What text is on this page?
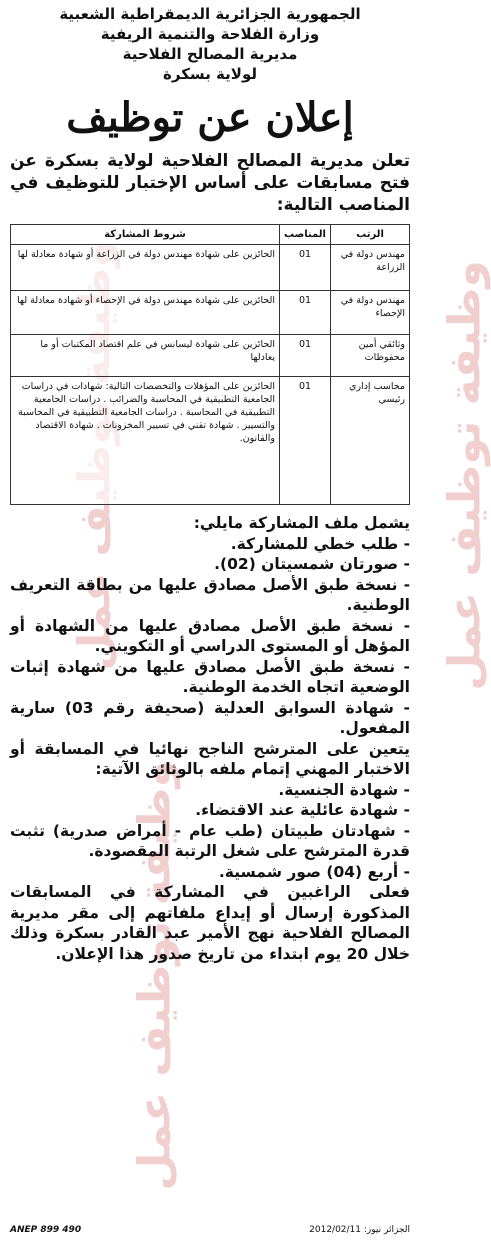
وظيفة توظيف عمل
وظيفة توظيف عمل
الجمهورية الجزائرية الديمقراطية الشعبية
وزارة الفلاحة والتنمية الريفية
مديرية المصالح الفلاحية
لولاية بسكرة
إعلان عن توظيف
تعلن مديرية المصالح الفلاحية لولاية بسكرة عن فتح مسابقات على أساس الإختبار للتوظيف في المناصب التالية:
الرتب	المناصب	شروط المشاركة
مهندس دولة في الزراعة	01	الحائزين على شهادة مهندس دولة في الزراعة أو شهادة معادلة لها
مهندس دولة في الإحصاء	01	الحائزين على شهادة مهندس دولة في الإحصاء أو شهادة معادلة لها
وثائقي أمين محفوظات	01	الحائزين على شهادة ليسانس في علم اقتصاد المكتبات أو ما يعادلها
محاسب إداري رئيسي	01	الحائزين على المؤهلات والتخصصات التالية: شهادات في دراسات الجامعية التطبيقية في المحاسبة والضرائب . دراسات الجامعية التطبيقية في المحاسبة . دراسات الجامعية التطبيقية في المحاسبة والتسيير . شهادة تقني في تسيير المخزونات . شهادة الاقتصاد والقانون.

يشمل ملف المشاركة مايلي:

- طلب خطي للمشاركة.

- صورتان شمسيتان (02).

- نسخة طبق الأصل مصادق عليها من بطاقة التعريف الوطنية.

- نسخة طبق الأصل مصادق عليها من الشهادة أو المؤهل أو المستوى الدراسي أو التكويني.

- نسخة طبق الأصل مصادق عليها من شهادة إثبات الوضعية اتجاه الخدمة الوطنية.

- شهادة السوابق العدلية (صحيفة رقم 03) سارية المفعول.

يتعين على المترشح الناجح نهائيا في المسابقة أو الاختبار المهني إتمام ملفه بالوثائق الآتية:

- شهادة الجنسية.

- شهادة عائلية عند الاقتضاء.

- شهادتان طبيتان (طب عام - أمراض صدرية) تثبت قدرة المترشح على شغل الرتبة المقصودة.

- أربع (04) صور شمسية.

فعلى الراغبين في المشاركة في المسابقات المذكورة إرسال أو إيداع ملفاتهم إلى مقر مديرية المصالح الفلاحية نهج الأمير عبد القادر بسكرة وذلك خلال 20 يوم ابتداء من تاريخ صدور هذا الإعلان.

ANEP 899 490	الجزائر نيوز: 2012/02/11
